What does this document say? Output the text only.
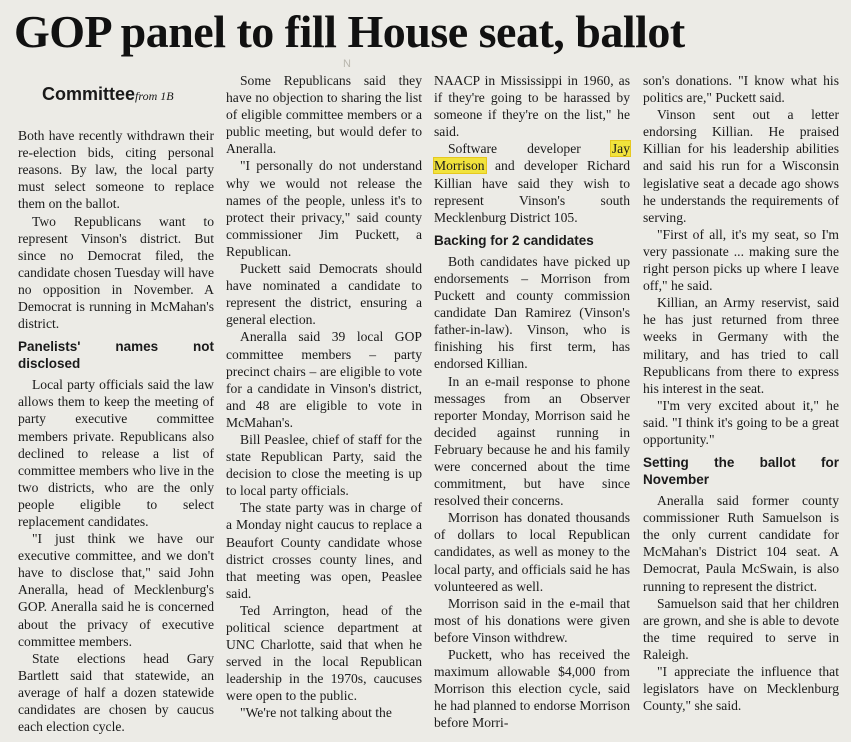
GOP panel to fill House seat, ballot
N
Committeefrom 1B

Both have recently withdrawn their re-election bids, citing personal reasons. By law, the local party must select someone to replace them on the ballot.

Two Republicans want to represent Vinson's district. But since no Democrat filed, the candidate chosen Tuesday will have no opposition in November. A Democrat is running in McMahan's district.

Panelists' names not disclosed

Local party officials said the law allows them to keep the meeting of party executive committee members private. Republicans also declined to release a list of committee members who live in the two districts, who are the only people eligible to select replacement candidates.

"I just think we have our executive committee, and we don't have to disclose that," said John Aneralla, head of Mecklenburg's GOP. Aneralla said he is concerned about the privacy of executive committee members.

State elections head Gary Bartlett said that statewide, an average of half a dozen statewide candidates are chosen by caucus each election cycle.

Some Republicans said they have no objection to sharing the list of eligible committee members or a public meeting, but would defer to Aneralla.

"I personally do not understand why we would not release the names of the people, unless it's to protect their privacy," said county commissioner Jim Puckett, a Republican.

Puckett said Democrats should have nominated a candidate to represent the district, ensuring a general election.

Aneralla said 39 local GOP committee members – party precinct chairs – are eligible to vote for a candidate in Vinson's district, and 48 are eligible to vote in McMahan's.

Bill Peaslee, chief of staff for the state Republican Party, said the decision to close the meeting is up to local party officials.

The state party was in charge of a Monday night caucus to replace a Beaufort County candidate whose district crosses county lines, and that meeting was open, Peaslee said.

Ted Arrington, head of the political science department at UNC Charlotte, said that when he served in the local Republican leadership in the 1970s, caucuses were open to the public.

"We're not talking about the

NAACP in Mississippi in 1960, as if they're going to be harassed by someone if they're on the list," he said.

Software developer Jay Morrison and developer Richard Killian have said they wish to represent Vinson's south Mecklenburg District 105.

Backing for 2 candidates

Both candidates have picked up endorsements – Morrison from Puckett and county commission candidate Dan Ramirez (Vinson's father-in-law). Vinson, who is finishing his first term, has endorsed Killian.

In an e-mail response to phone messages from an Observer reporter Monday, Morrison said he decided against running in February because he and his family were concerned about the time commitment, but have since resolved their concerns.

Morrison has donated thousands of dollars to local Republican candidates, as well as money to the local party, and officials said he has volunteered as well.

Morrison said in the e-mail that most of his donations were given before Vinson withdrew.

Puckett, who has received the maximum allowable $4,000 from Morrison this election cycle, said he had planned to endorse Morrison before Morri-

son's donations. "I know what his politics are," Puckett said.

Vinson sent out a letter endorsing Killian. He praised Killian for his leadership abilities and said his run for a Wisconsin legislative seat a decade ago shows he understands the requirements of serving.

"First of all, it's my seat, so I'm very passionate ... making sure the right person picks up where I leave off," he said.

Killian, an Army reservist, said he has just returned from three weeks in Germany with the military, and has tried to call Republicans from there to express his interest in the seat.

"I'm very excited about it," he said. "I think it's going to be a great opportunity."

Setting the ballot for November

Aneralla said former county commissioner Ruth Samuelson is the only current candidate for McMahan's District 104 seat. A Democrat, Paula McSwain, is also running to represent the district.

Samuelson said that her children are grown, and she is able to devote the time required to serve in Raleigh.

"I appreciate the influence that legislators have on Mecklenburg County," she said.
